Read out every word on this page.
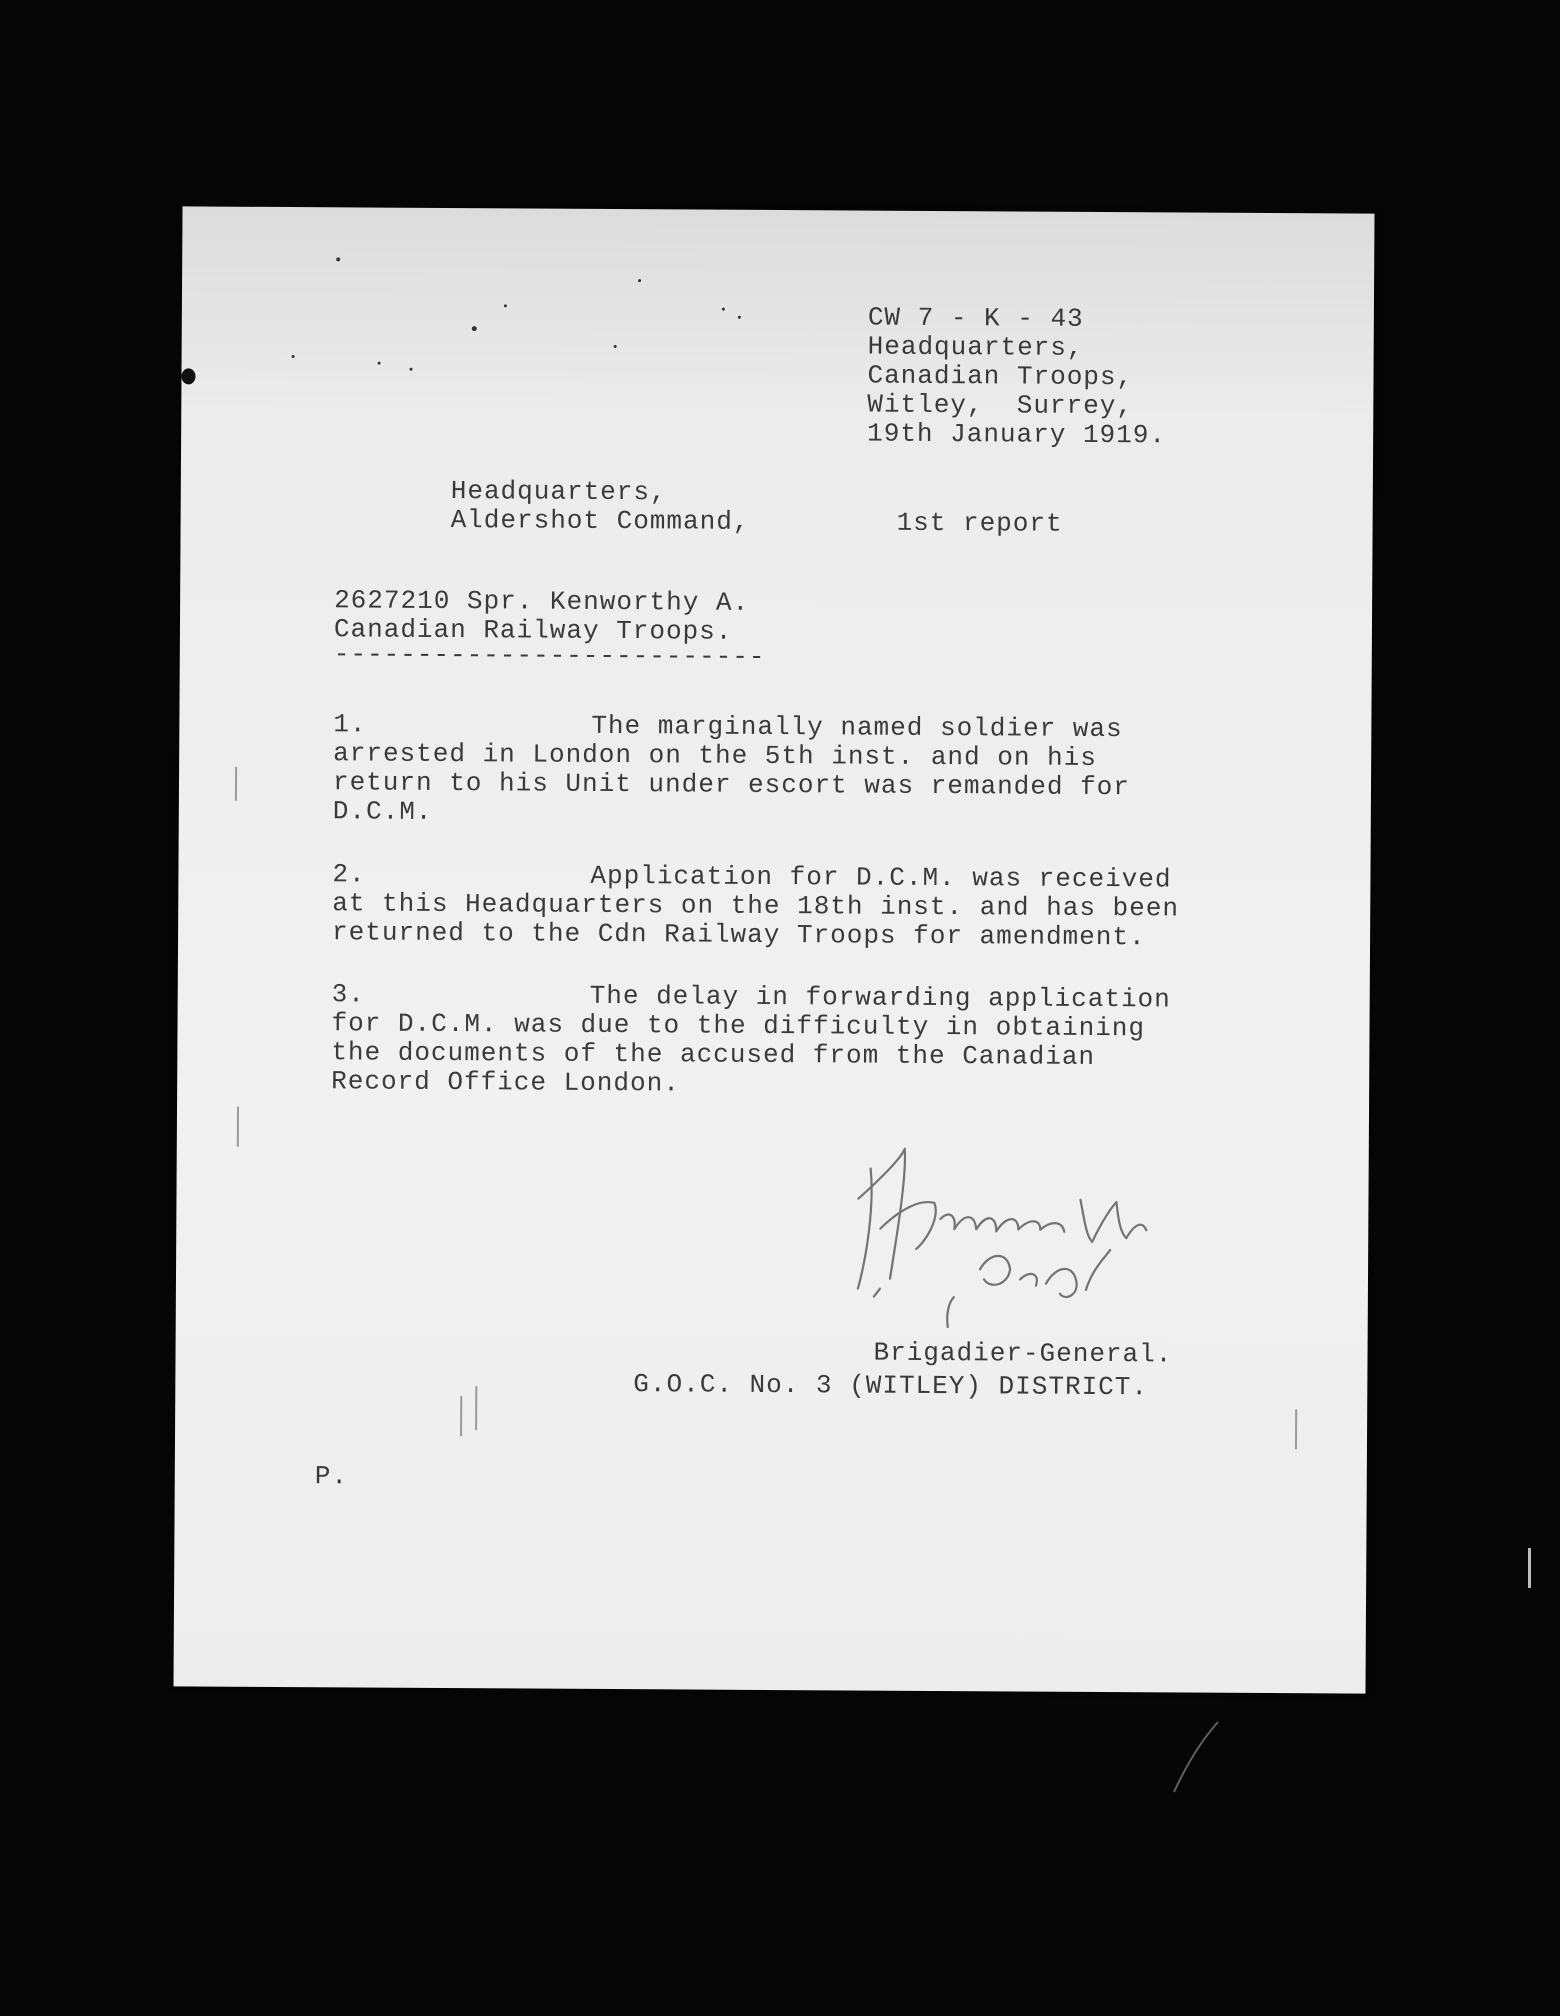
CW 7 - K - 43
Headquarters,
Canadian Troops,
Witley,  Surrey,
19th January 1919.
Headquarters,
Aldershot Command,	1st report
2627210 Spr. Kenworthy A.
Canadian Railway Troops.
--------------------------
1.	The marginally named soldier was
arrested in London on the 5th inst. and on his
return to his Unit under escort was remanded for
D.C.M.
2.	Application for D.C.M. was received
at this Headquarters on the 18th inst. and has been
returned to the Cdn Railway Troops for amendment.
3.	The delay in forwarding application
for D.C.M. was due to the difficulty in obtaining
the documents of the accused from the Canadian
Record Office London.
Brigadier-General.
G.O.C. No. 3 (WITLEY) DISTRICT.
P.
